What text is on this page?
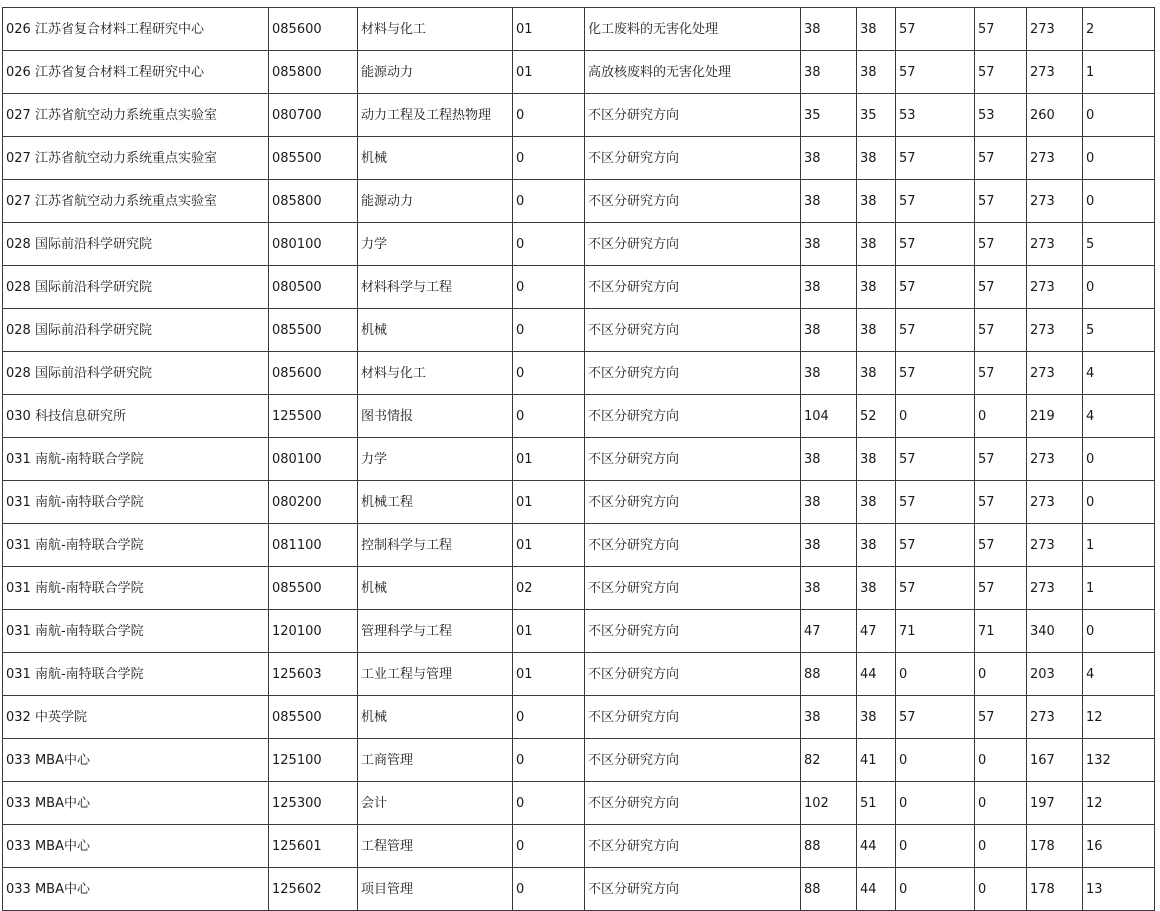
026 江苏省复合材料工程研究中心	085600	材料与化工	01	化工废料的无害化处理	38	38	57	57	273	2
026 江苏省复合材料工程研究中心	085800	能源动力	01	高放核废料的无害化处理	38	38	57	57	273	1
027 江苏省航空动力系统重点实验室	080700	动力工程及工程热物理	0	不区分研究方向	35	35	53	53	260	0
027 江苏省航空动力系统重点实验室	085500	机械	0	不区分研究方向	38	38	57	57	273	0
027 江苏省航空动力系统重点实验室	085800	能源动力	0	不区分研究方向	38	38	57	57	273	0
028 国际前沿科学研究院	080100	力学	0	不区分研究方向	38	38	57	57	273	5
028 国际前沿科学研究院	080500	材料科学与工程	0	不区分研究方向	38	38	57	57	273	0
028 国际前沿科学研究院	085500	机械	0	不区分研究方向	38	38	57	57	273	5
028 国际前沿科学研究院	085600	材料与化工	0	不区分研究方向	38	38	57	57	273	4
030 科技信息研究所	125500	图书情报	0	不区分研究方向	104	52	0	0	219	4
031 南航-南特联合学院	080100	力学	01	不区分研究方向	38	38	57	57	273	0
031 南航-南特联合学院	080200	机械工程	01	不区分研究方向	38	38	57	57	273	0
031 南航-南特联合学院	081100	控制科学与工程	01	不区分研究方向	38	38	57	57	273	1
031 南航-南特联合学院	085500	机械	02	不区分研究方向	38	38	57	57	273	1
031 南航-南特联合学院	120100	管理科学与工程	01	不区分研究方向	47	47	71	71	340	0
031 南航-南特联合学院	125603	工业工程与管理	01	不区分研究方向	88	44	0	0	203	4
032 中英学院	085500	机械	0	不区分研究方向	38	38	57	57	273	12
033 MBA中心	125100	工商管理	0	不区分研究方向	82	41	0	0	167	132
033 MBA中心	125300	会计	0	不区分研究方向	102	51	0	0	197	12
033 MBA中心	125601	工程管理	0	不区分研究方向	88	44	0	0	178	16
033 MBA中心	125602	项目管理	0	不区分研究方向	88	44	0	0	178	13
